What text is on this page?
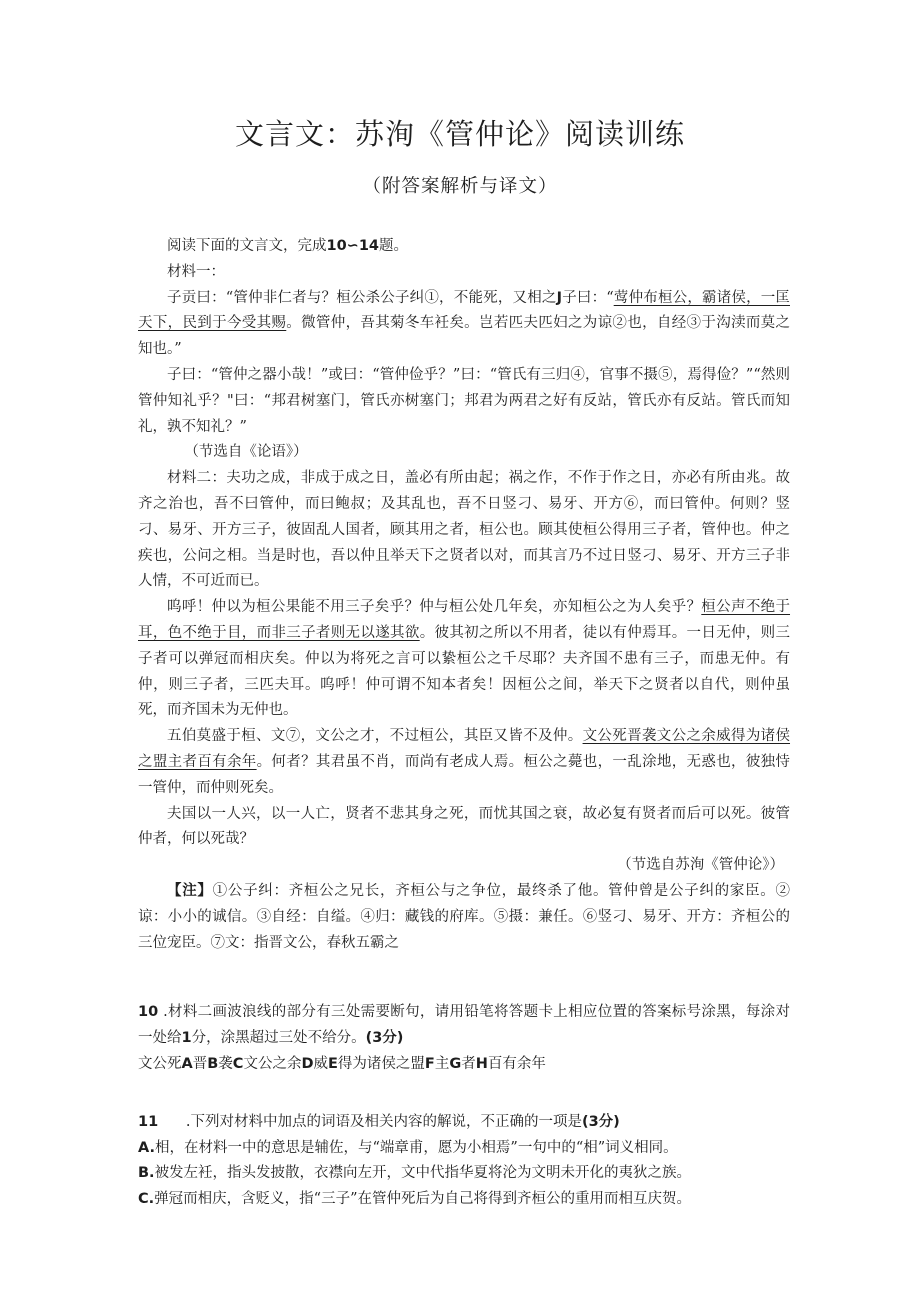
文言文：苏洵《管仲论》阅读训练
（附答案解析与译文）

阅读下面的文言文，完成10∽14题。

材料一：

子贡曰：“管仲非仁者与？桓公杀公子纠①，不能死，又相之J子曰：“莺仲布桓公，霸诸侯，一匡天下，民到于今受其赐。微管仲，吾其菊冬车衽矣。岂若匹夫匹妇之为谅②也，自经③于沟渎而莫之知也。”

子曰：“管仲之器小哉！”或曰：“管仲俭乎？”曰：“管氏有三归④，官事不摄⑤，焉得俭？”“然则管仲知礼乎？"曰：“邦君树塞门，管氏亦树塞门；邦君为两君之好有反站，管氏亦有反站。管氏而知礼，孰不知礼？”

（节选自《论语》）

材料二：夫功之成，非成于成之日，盖必有所由起；祸之作，不作于作之日，亦必有所由兆。故齐之治也，吾不曰管仲，而曰鲍叔；及其乱也，吾不日竖刁、易牙、开方⑥，而曰管仲。何则？竖刁、易牙、开方三子，彼固乱人国者，顾其用之者，桓公也。顾其使桓公得用三子者，管仲也。仲之疾也，公问之相。当是时也，吾以仲且举天下之贤者以对，而其言乃不过日竖刁、易牙、开方三子非人情，不可近而已。

呜呼！仲以为桓公果能不用三子矣乎？仲与桓公处几年矣，亦知桓公之为人矣乎？桓公声不绝于耳，色不绝于目，而非三子者则无以遂其欲。彼其初之所以不用者，徒以有仲焉耳。一日无仲，则三子者可以弹冠而相庆矣。仲以为将死之言可以絷桓公之千尽耶？夫齐国不患有三子，而患无仲。有仲，则三子者，三匹夫耳。呜呼！仲可谓不知本者矣！因桓公之间，举天下之贤者以自代，则仲虽死，而齐国未为无仲也。

五伯莫盛于桓、文⑦，文公之才，不过桓公，其臣又皆不及仲。文公死晋袭文公之余威得为诸侯之盟主者百有余年。何者？其君虽不肖，而尚有老成人焉。桓公之薨也，一乱涂地，无惑也，彼独恃一管仲，而仲则死矣。

夫国以一人兴，以一人亡，贤者不悲其身之死，而忧其国之衰，故必复有贤者而后可以死。彼管仲者，何以死哉？

（节选自苏洵《管仲论》）

【注】①公子纠：齐桓公之兄长，齐桓公与之争位，最终杀了他。管仲曾是公子纠的家臣。②谅：小小的诚信。③自经：自缢。④归：藏钱的府库。⑤摄：兼任。⑥竖刁、易牙、开方：齐桓公的三位宠臣。⑦文：指晋文公，春秋五霸之

10 .材料二画波浪线的部分有三处需要断句，请用铅笔将答题卡上相应位置的答案标号涂黑，每涂对一处给1分，涂黑超过三处不给分。(3分)

文公死A晋B袭C文公之余D威E得为诸侯之盟F主G者H百有余年

11      .下列对材料中加点的词语及相关内容的解说，不正确的一项是(3分)

A.相，在材料一中的意思是辅佐，与“端章甫，愿为小相焉”一句中的“相”词义相同。

B.被发左衽，指头发披散，衣襟向左开，文中代指华夏将沦为文明未开化的夷狄之族。

C.弹冠而相庆，含贬义，指“三子”在管仲死后为自己将得到齐桓公的重用而相互庆贺。
